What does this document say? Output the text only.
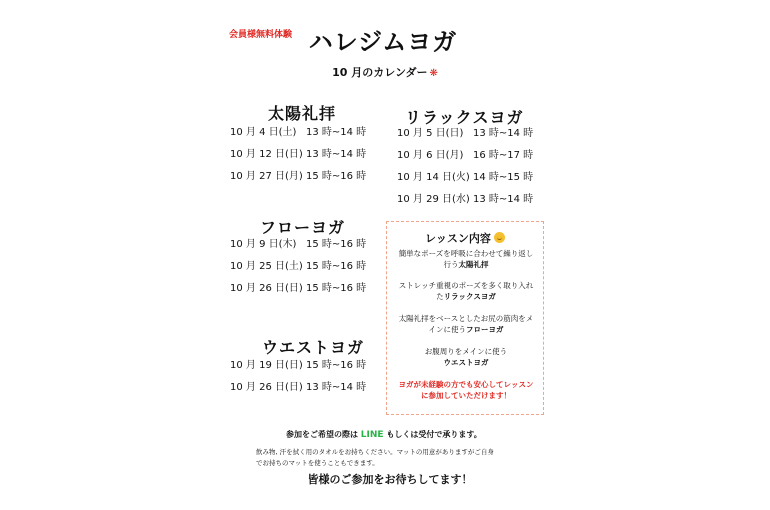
会員様無料体験 ハレジムヨガ
10 月のカレンダー ❋
太陽礼拝
10 月 4 日(土) 13 時~14 時
10 月 12 日(日) 13 時~14 時
10 月 27 日(月) 15 時~16 時
リラックスヨガ
10 月 5 日(日) 13 時~14 時
10 月 6 日(月) 16 時~17 時
10 月 14 日(火) 14 時~15 時
10 月 29 日(水) 13 時~14 時
フローヨガ
10 月 9 日(木) 15 時~16 時
10 月 25 日(土) 15 時~16 時
10 月 26 日(日) 15 時~16 時
ウエストヨガ
10 月 19 日(日) 15 時~16 時
10 月 26 日(日) 13 時~14 時
レッスン内容
簡単なポーズを呼吸に合わせて繰り返し
行う太陽礼拝
ストレッチ重視のポーズを多く取り入れ
たリラックスヨガ
太陽礼拝をベースとしたお尻の筋肉をメ
インに使うフローヨガ
お腹周りをメインに使う
ウエストヨガ
ヨガが未経験の方でも安心してレッスン
に参加していただけます！
参加をご希望の際は LINE もしくは受付で承ります。
飲み物, 汗を拭く用のタオルをお持ちください。マットの用意がありますがご自身
でお持ちのマットを使うこともできます。
皆様のご参加をお待ちしてます！
